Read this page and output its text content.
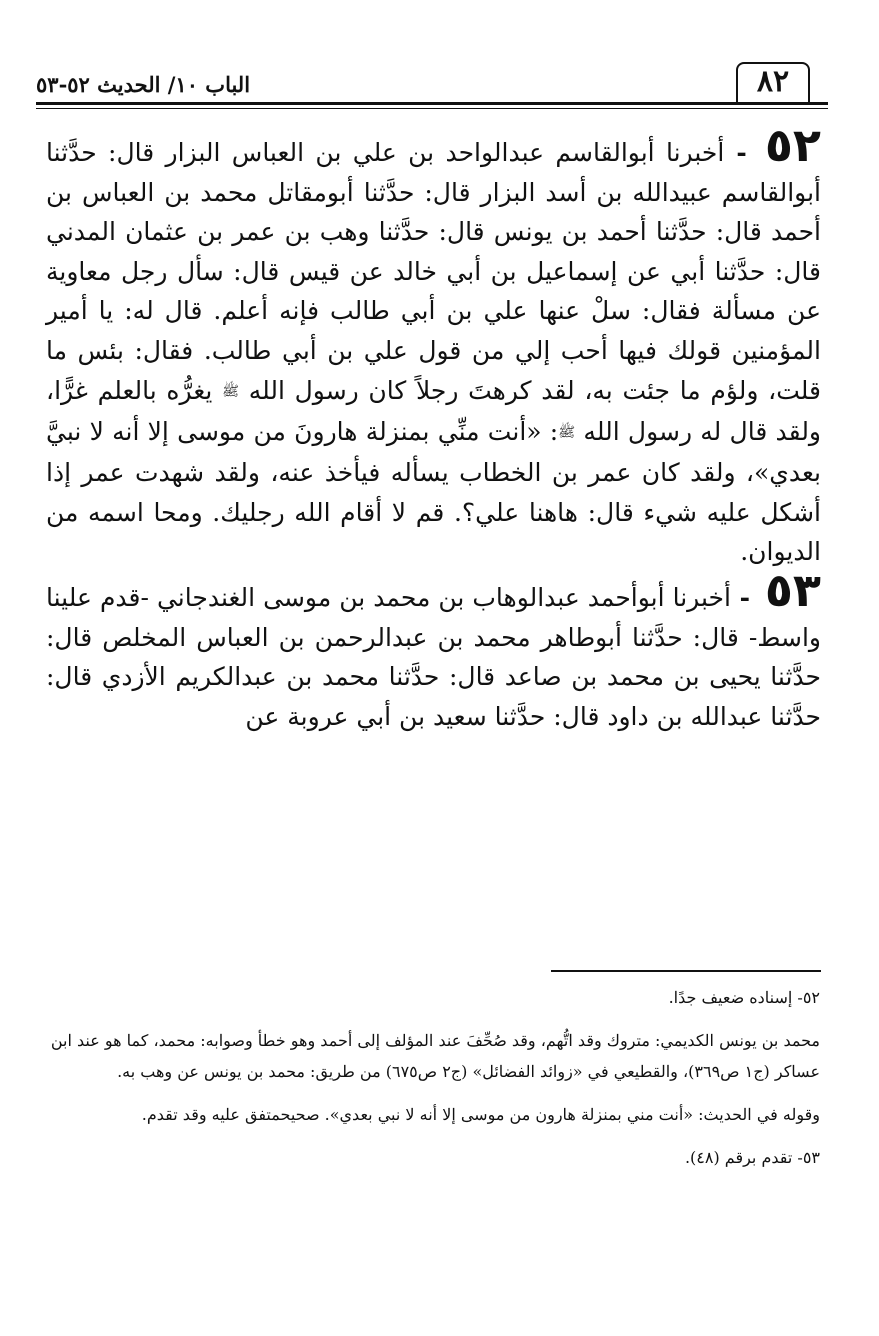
٨٢
الباب ١٠/ الحديث ٥٢-٥٣

٥٢ - أخبرنا أبوالقاسم عبدالواحد بن علي بن العباس البزار قال: حدَّثنا أبوالقاسم عبيدالله بن أسد البزار قال: حدَّثنا أبومقاتل محمد بن العباس بن أحمد قال: حدَّثنا أحمد بن يونس قال: حدَّثنا وهب بن عمر بن عثمان المدني قال: حدَّثنا أبي عن إسماعيل بن أبي خالد عن قيس قال: سأل رجل معاوية عن مسألة فقال: سلْ عنها علي بن أبي طالب فإنه أعلم. قال له: يا أمير المؤمنين قولك فيها أحب إلي من قول علي بن أبي طالب. فقال: بئس ما قلت، ولؤم ما جئت به، لقد كرهتَ رجلاً كان رسول الله ﷺ يغرُّه بالعلم غرًّا، ولقد قال له رسول الله ﷺ: «أنت منِّي بمنزلة هارونَ من موسى إلا أنه لا نبيَّ بعدي»، ولقد كان عمر بن الخطاب يسأله فيأخذ عنه، ولقد شهدت عمر إذا أشكل عليه شيء قال: هاهنا علي؟. قم لا أقام الله رجليك. ومحا اسمه من الديوان.

٥٣ - أخبرنا أبوأحمد عبدالوهاب بن محمد بن موسى الغندجاني -قدم علينا واسط- قال: حدَّثنا أبوطاهر محمد بن عبدالرحمن بن العباس المخلص قال: حدَّثنا يحيى بن محمد بن صاعد قال: حدَّثنا محمد بن عبدالكريم الأزدي قال: حدَّثنا عبدالله بن داود قال: حدَّثنا سعيد بن أبي عروبة عن

٥٢- إسناده ضعيف جدًا.

محمد بن يونس الكديمي: متروك وقد اتُّهم، وقد صُحِّفَ عند المؤلف إلى أحمد وهو خطأ وصوابه: محمد، كما هو عند ابن عساكر (ج١ ص٣٦٩)، والقطيعي في «زوائد الفضائل» (ج٢ ص٦٧٥) من طريق: محمد بن يونس عن وهب به.

وقوله في الحديث: «أنت مني بمنزلة هارون من موسى إلا أنه لا نبي بعدي». صحيحمتفق عليه وقد تقدم.

٥٣- تقدم برقم (٤٨).
